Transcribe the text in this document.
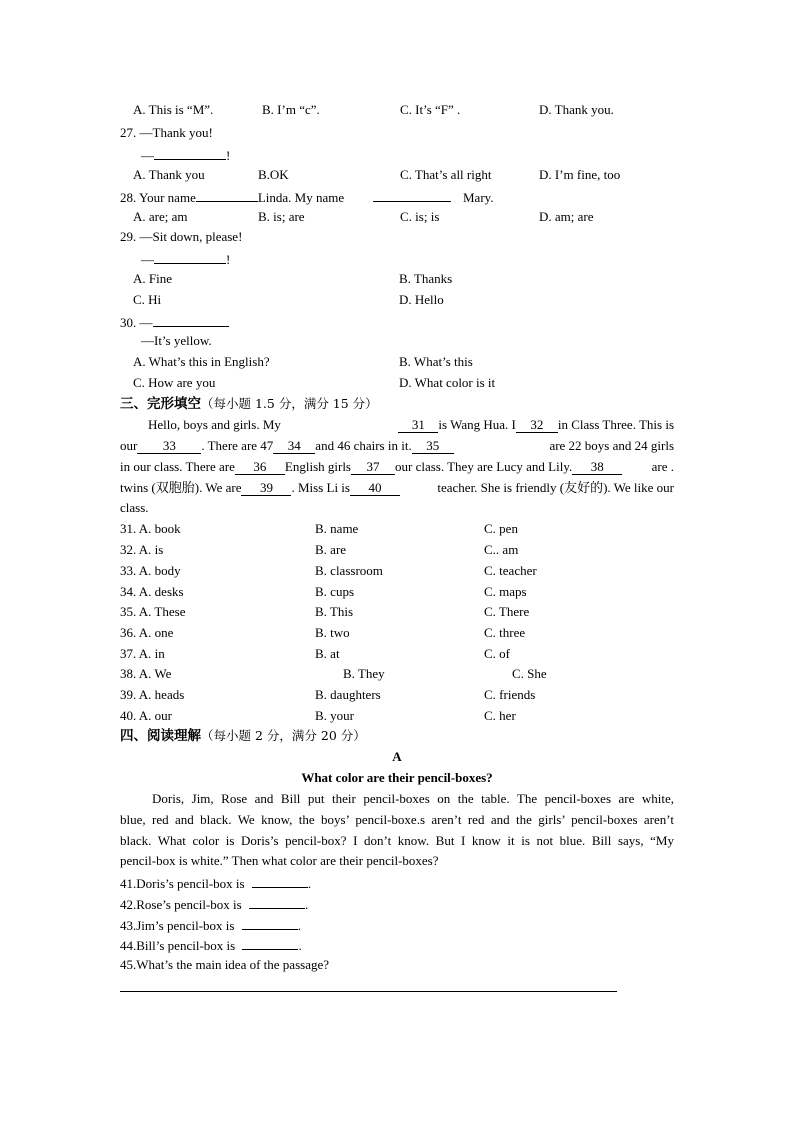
A. This is “M”.	B. I’m “c”.	C. It’s “F” .	D. Thank you.
27. —Thank you!
—	!
A. Thank you	B.OK	C. That’s all right	D. I’m fine, too
28. Your name	Linda. My name	Mary.
A. are; am	B. is; are	C. is; is	D. am; are
29. —Sit down, please!
—	!
A. Fine	B. Thanks
C. Hi	D. Hello
30. —
—It’s yellow.
A. What’s this in English?	B. What’s this
C. How are you	D. What color is it
三、完形填空（每小题 1.5 分，满分 15 分）
Hello, boys and girls. My	31 is Wang Hua. I 32 in Class Three. This is
our 33 . There are 47 34 and 46 chairs in it. 35	are 22 boys and 24 girls
in our class. There are 36 English girls 37 our class. They are Lucy and Lily. 38	are .
twins (双胞胎). We are 39 . Miss Li is 40	teacher. She is friendly (友好的). We like our
class.
31. A. book	B. name	C. pen
32. A. is	B. are	C.. am
33. A. body	B. classroom	C. teacher
34. A. desks	B. cups	C. maps
35. A. These	B. This	C. There
36. A. one	B. two	C. three
37. A. in	B. at	C. of
38. A. We	B. They	C. She
39. A. heads	B. daughters	C. friends
40. A. our	B. your	C. her
四、阅读理解（每小题 2 分，满分 20 分）
A
What color are their pencil-boxes?
Doris, Jim, Rose and Bill put their pencil-boxes on the table. The pencil-boxes are white,
blue, red and black. We know, the boys’ pencil-boxe.s aren’t red and the girls’ pencil-boxes aren’t
black. What color is Doris’s pencil-box? I don’t know. But I know it is not blue. Bill says, “My
pencil-box is white.” Then what color are their pencil-boxes?
41.Doris’s pencil-box is	.
42.Rose’s pencil-box is	.
43.Jim’s pencil-box is	.
44.Bill’s pencil-box is	.
45.What’s the main idea of the passage?
